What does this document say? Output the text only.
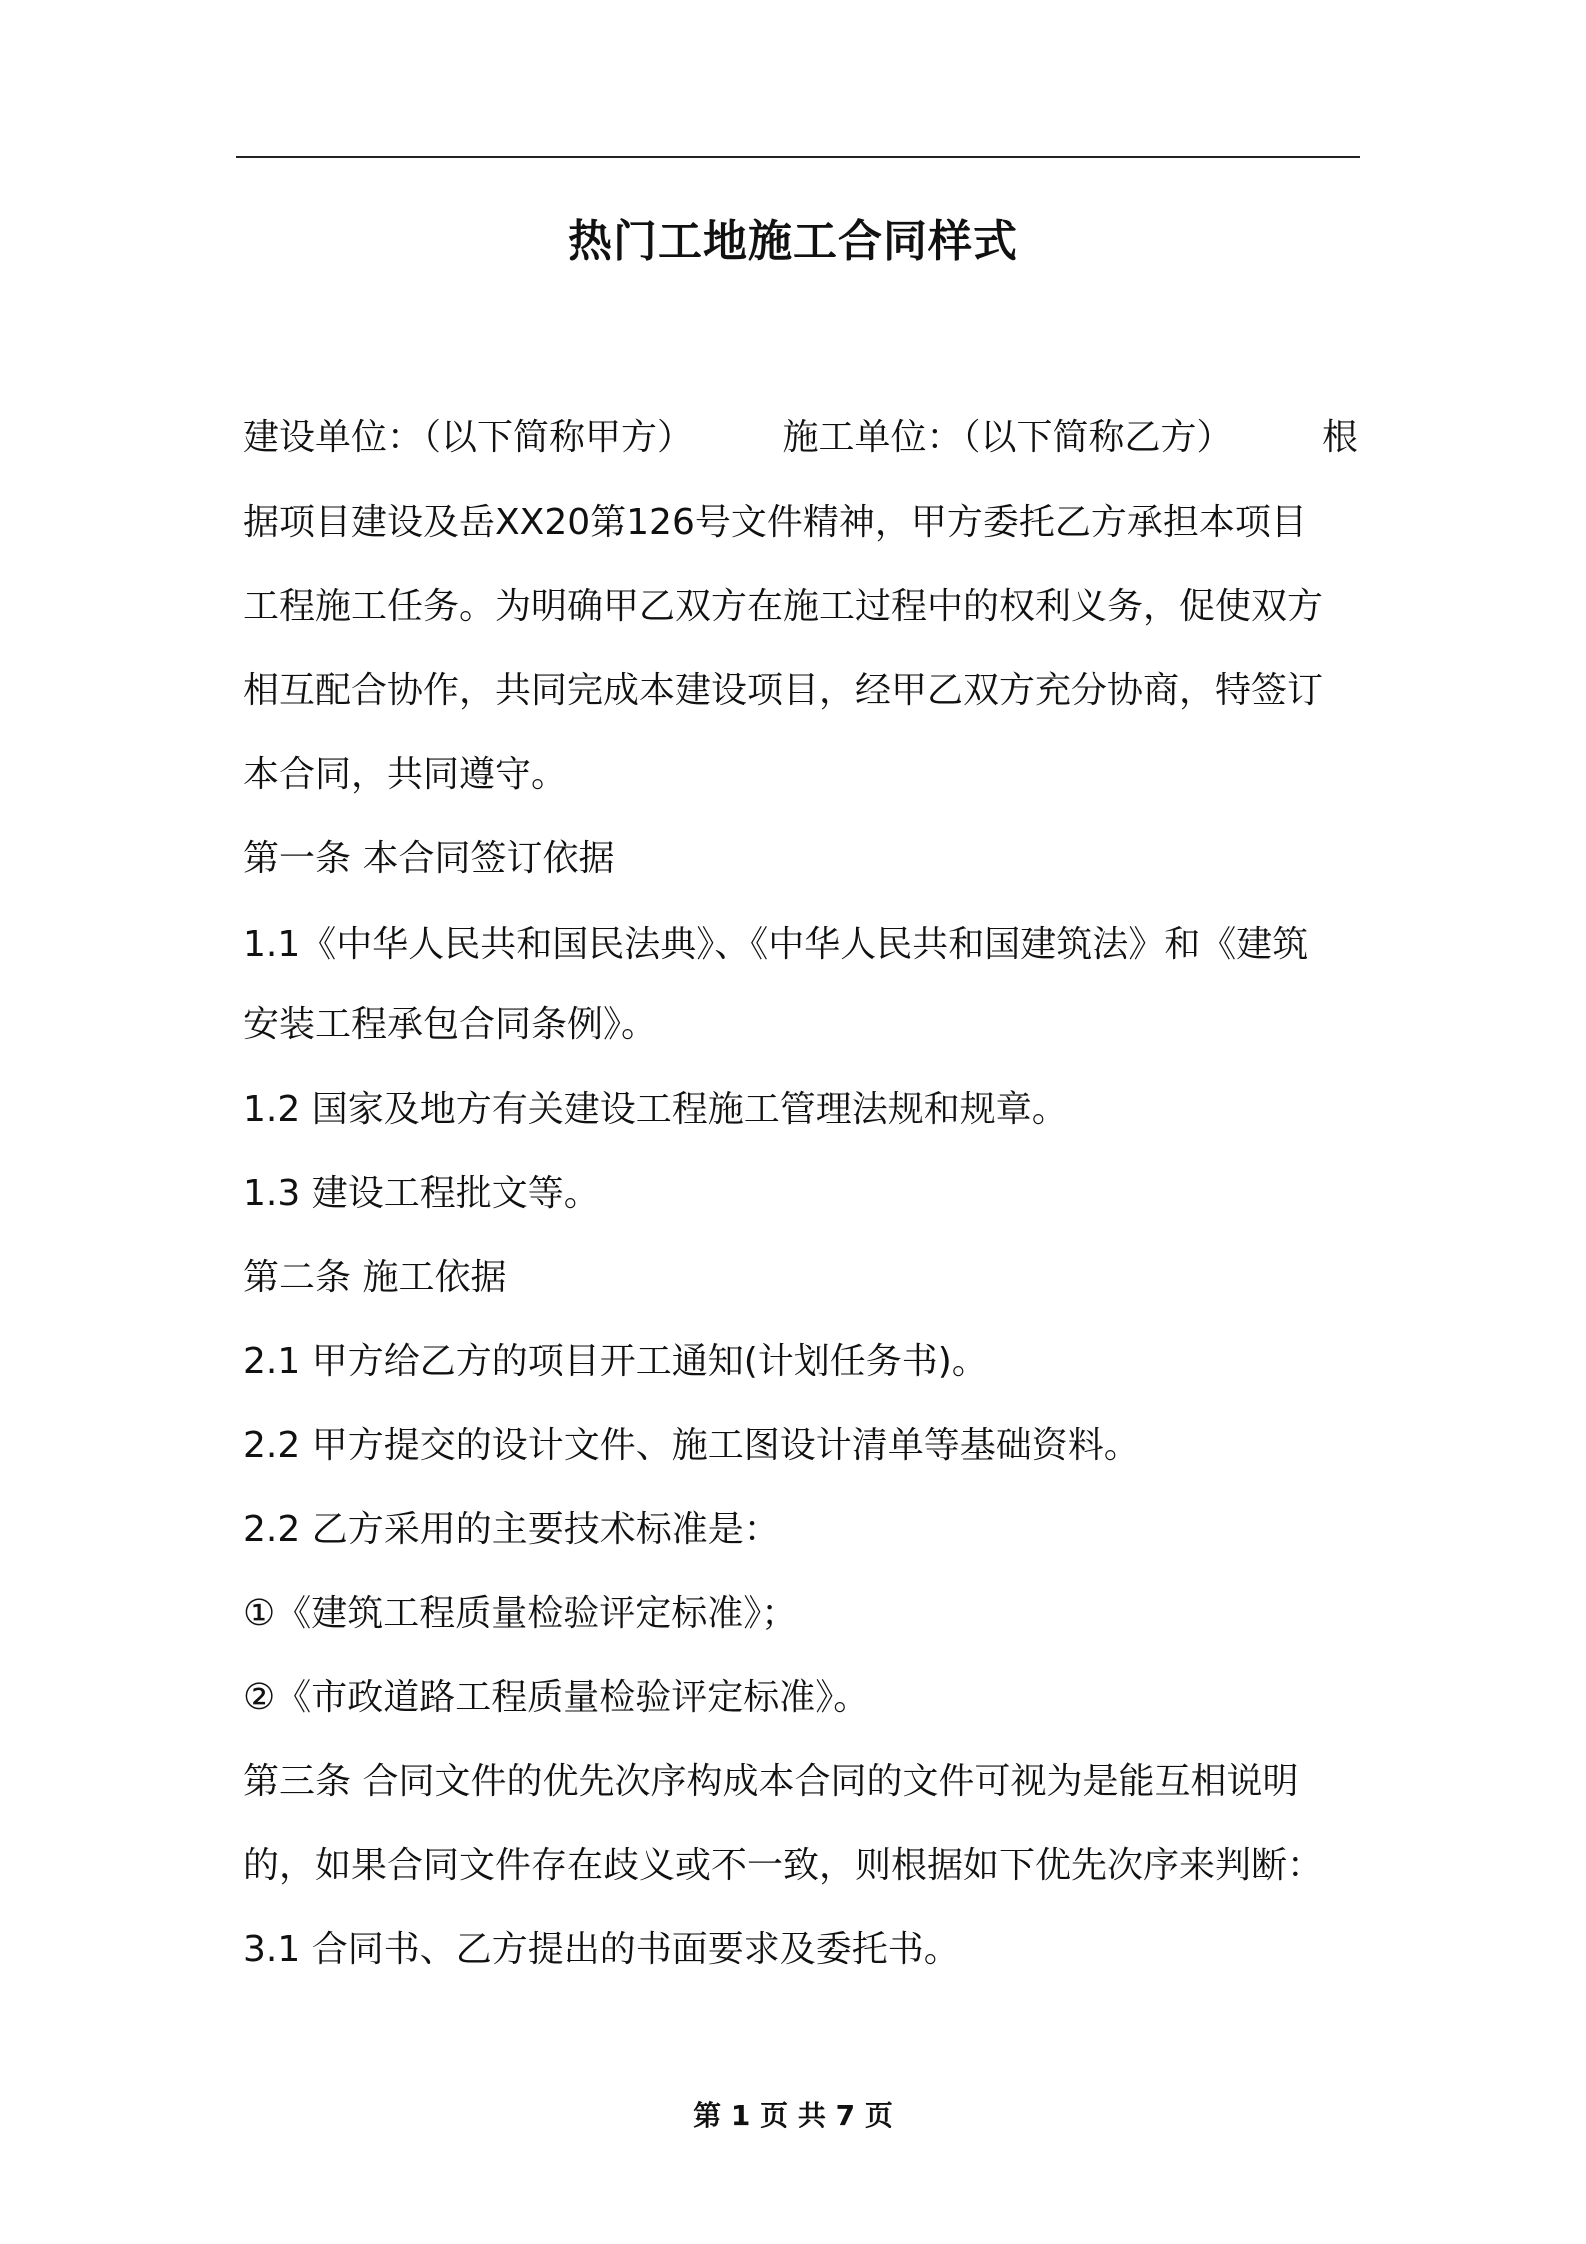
热门工地施工合同样式
建设单位：（以下简称甲方） 施工单位：（以下简称乙方） 根
据项目建设及岳XX20第126号文件精神，甲方委托乙方承担本项目
工程施工任务。为明确甲乙双方在施工过程中的权利义务，促使双方
相互配合协作，共同完成本建设项目，经甲乙双方充分协商，特签订
本合同，共同遵守。
第一条 本合同签订依据
1.1《中华人民共和国民法典》、《中华人民共和国建筑法》和《建筑
安装工程承包合同条例》。
1.2 国家及地方有关建设工程施工管理法规和规章。
1.3 建设工程批文等。
第二条 施工依据
2.1 甲方给乙方的项目开工通知(计划任务书)。
2.2 甲方提交的设计文件、施工图设计清单等基础资料。
2.2 乙方采用的主要技术标准是：
①《建筑工程质量检验评定标准》；
②《市政道路工程质量检验评定标准》。
第三条 合同文件的优先次序构成本合同的文件可视为是能互相说明
的，如果合同文件存在歧义或不一致，则根据如下优先次序来判断：
3.1 合同书、乙方提出的书面要求及委托书。
第 1 页 共 7 页
